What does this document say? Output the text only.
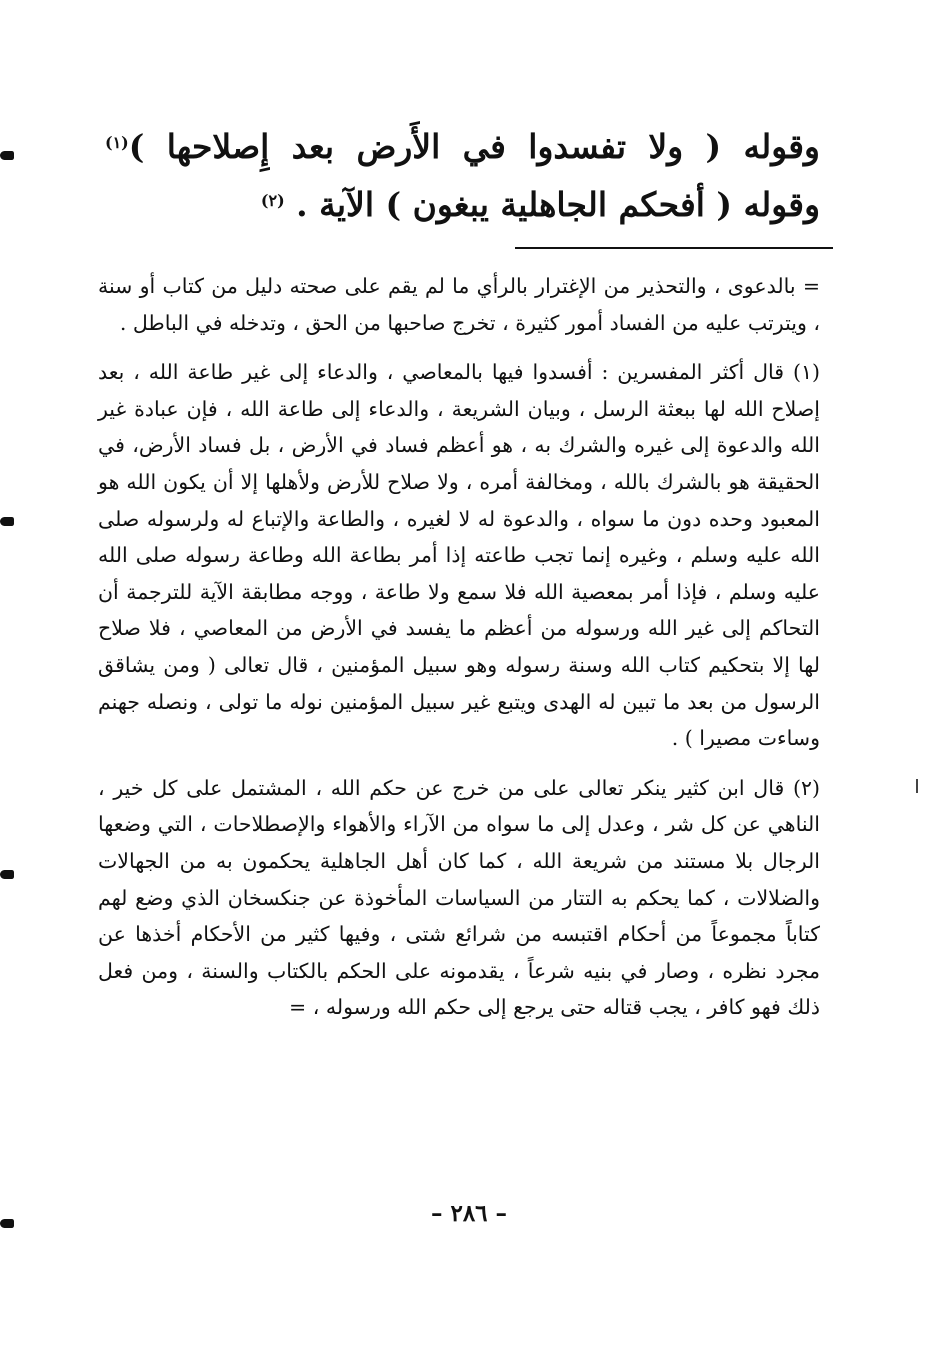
وقوله ( ولا تفسدوا في الأَرض بعد إِصلاحها )$^{(١)}$ وقوله ( أفحكم الجاهلية يبغون ) الآية . $^{(٢)}$

= بالدعوى ، والتحذير من الإغترار بالرأي ما لم يقم على صحته دليل من كتاب أو سنة ، ويترتب عليه من الفساد أمور كثيرة ، تخرج صاحبها من الحق ، وتدخله في الباطل .

(١) قال أكثر المفسرين : أفسدوا فيها بالمعاصي ، والدعاء إلى غير طاعة الله ، بعد إصلاح الله لها ببعثة الرسل ، وبيان الشريعة ، والدعاء إلى طاعة الله ، فإن عبادة غير الله والدعوة إلى غيره والشرك به ، هو أعظم فساد في الأرض ، بل فساد الأرض، في الحقيقة هو بالشرك بالله ، ومخالفة أمره ، ولا صلاح للأرض ولأهلها إلا أن يكون الله هو المعبود وحده دون ما سواه ، والدعوة له لا لغيره ، والطاعة والإتباع له ولرسوله صلى الله عليه وسلم ، وغيره إنما تجب طاعته إذا أمر بطاعة الله وطاعة رسوله صلى الله عليه وسلم ، فإذا أمر بمعصية الله فلا سمع ولا طاعة ، ووجه مطابقة الآية للترجمة أن التحاكم إلى غير الله ورسوله من أعظم ما يفسد في الأرض من المعاصي ، فلا صلاح لها إلا بتحكيم كتاب الله وسنة رسوله وهو سبيل المؤمنين ، قال تعالى ( ومن يشاقق الرسول من بعد ما تبين له الهدى ويتبع غير سبيل المؤمنين نوله ما تولى ، ونصله جهنم وساءت مصيرا ) .

(٢) قال ابن كثير ينكر تعالى على من خرج عن حكم الله ، المشتمل على كل خير ، الناهي عن كل شر ، وعدل إلى ما سواه من الآراء والأهواء والإصطلاحات ، التي وضعها الرجال بلا مستند من شريعة الله ، كما كان أهل الجاهلية يحكمون به من الجهالات والضلالات ، كما يحكم به التتار من السياسات المأخوذة عن جنكسخان الذي وضع لهم كتاباً مجموعاً من أحكام اقتبسه من شرائع شتى ، وفيها كثير من الأحكام أخذها عن مجرد نظره ، وصار في بنيه شرعاً ، يقدمونه على الحكم بالكتاب والسنة ، ومن فعل ذلك فهو كافر ، يجب قتاله حتى يرجع إلى حكم الله ورسوله ، =

– ٢٨٦ –
